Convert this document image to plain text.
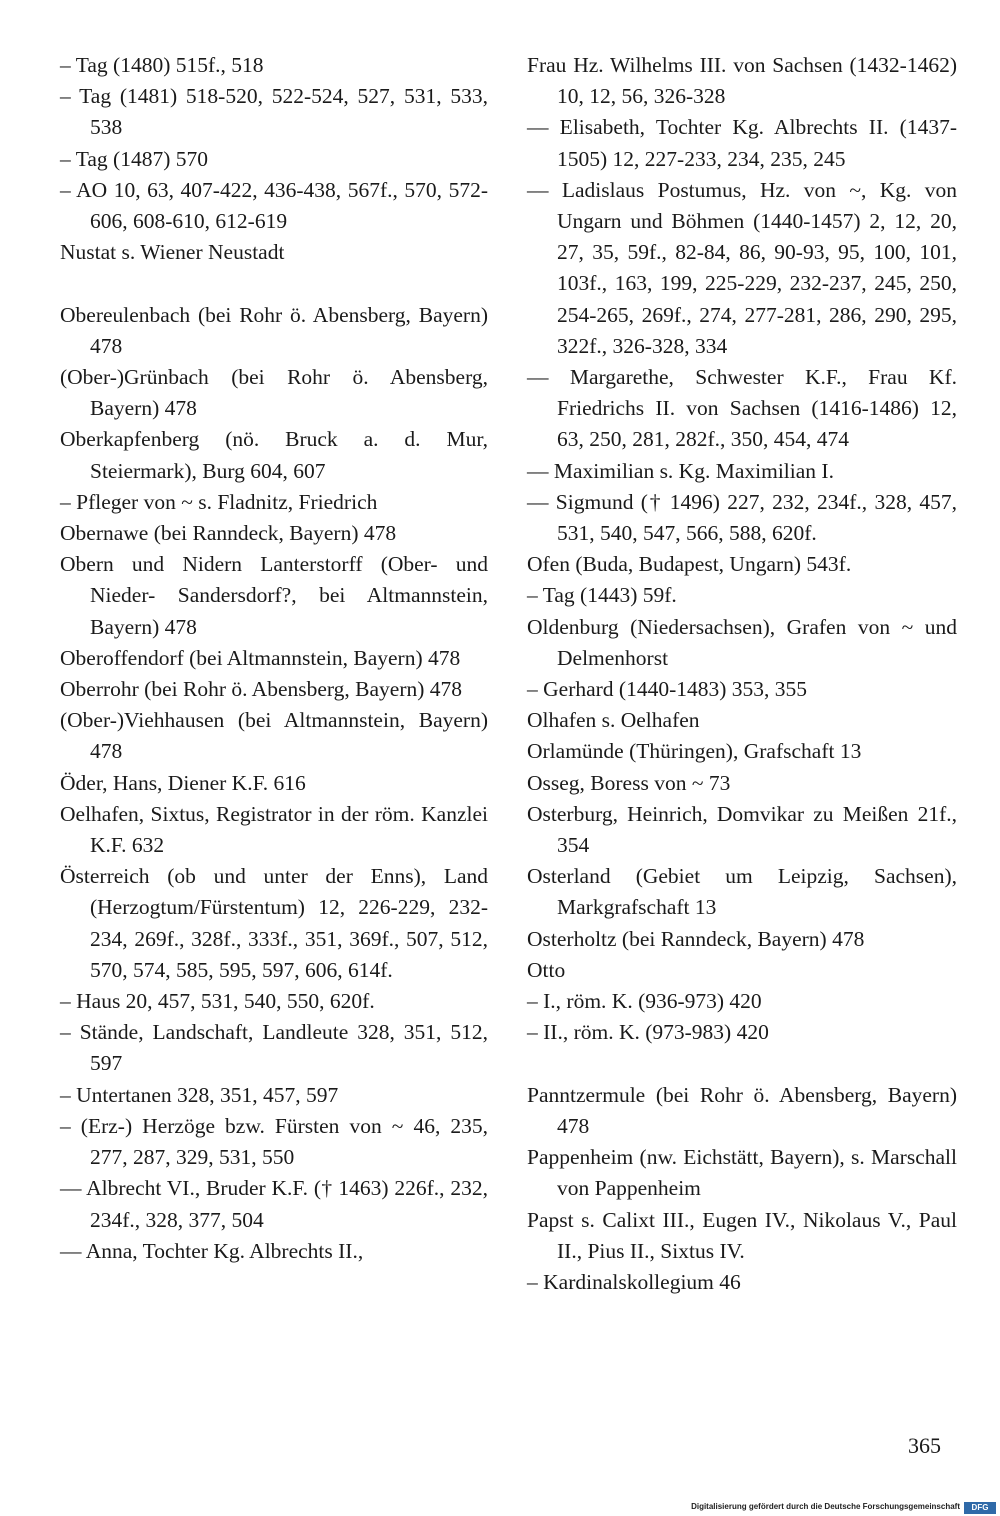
– Tag (1480) 515f., 518
– Tag (1481) 518-520, 522-524, 527, 531, 533, 538
– Tag (1487) 570
– AO 10, 63, 407-422, 436-438, 567f., 570, 572-606, 608-610, 612-619
Nustat s. Wiener Neustadt
Obereulenbach (bei Rohr ö. Abensberg, Bayern) 478
(Ober-)Grünbach (bei Rohr ö. Abensberg, Bayern) 478
Oberkapfenberg (nö. Bruck a. d. Mur, Steiermark), Burg 604, 607
– Pfleger von ~ s. Fladnitz, Friedrich
Obernawe (bei Ranndeck, Bayern) 478
Obern und Nidern Lanterstorff (Ober- und Nieder- Sandersdorf?, bei Altmannstein, Bayern) 478
Oberoffendorf (bei Altmannstein, Bayern) 478
Oberrohr (bei Rohr ö. Abensberg, Bayern) 478
(Ober-)Viehhausen (bei Altmannstein, Bayern) 478
Öder, Hans, Diener K.F. 616
Oelhafen, Sixtus, Registrator in der röm. Kanzlei K.F. 632
Österreich (ob und unter der Enns), Land (Herzogtum/Fürstentum) 12, 226-229, 232-234, 269f., 328f., 333f., 351, 369f., 507, 512, 570, 574, 585, 595, 597, 606, 614f.
– Haus 20, 457, 531, 540, 550, 620f.
– Stände, Landschaft, Landleute 328, 351, 512, 597
– Untertanen 328, 351, 457, 597
– (Erz-) Herzöge bzw. Fürsten von ~ 46, 235, 277, 287, 329, 531, 550
–– Albrecht VI., Bruder K.F. († 1463) 226f., 232, 234f., 328, 377, 504
–– Anna, Tochter Kg. Albrechts II.,
Frau Hz. Wilhelms III. von Sachsen (1432-1462) 10, 12, 56, 326-328
–– Elisabeth, Tochter Kg. Albrechts II. (1437-1505) 12, 227-233, 234, 235, 245
–– Ladislaus Postumus, Hz. von ~, Kg. von Ungarn und Böhmen (1440-1457) 2, 12, 20, 27, 35, 59f., 82-84, 86, 90-93, 95, 100, 101, 103f., 163, 199, 225-229, 232-237, 245, 250, 254-265, 269f., 274, 277-281, 286, 290, 295, 322f., 326-328, 334
–– Margarethe, Schwester K.F., Frau Kf. Friedrichs II. von Sachsen (1416-1486) 12, 63, 250, 281, 282f., 350, 454, 474
–– Maximilian s. Kg. Maximilian I.
–– Sigmund († 1496) 227, 232, 234f., 328, 457, 531, 540, 547, 566, 588, 620f.
Ofen (Buda, Budapest, Ungarn) 543f.
– Tag (1443) 59f.
Oldenburg (Niedersachsen), Grafen von ~ und Delmenhorst
– Gerhard (1440-1483) 353, 355
Olhafen s. Oelhafen
Orlamünde (Thüringen), Grafschaft 13
Osseg, Boress von ~ 73
Osterburg, Heinrich, Domvikar zu Meißen 21f., 354
Osterland (Gebiet um Leipzig, Sachsen), Markgrafschaft 13
Osterholtz (bei Ranndeck, Bayern) 478
Otto
– I., röm. K. (936-973) 420
– II., röm. K. (973-983) 420
Panntzermule (bei Rohr ö. Abensberg, Bayern) 478
Pappenheim (nw. Eichstätt, Bayern), s. Marschall von Pappenheim
Papst s. Calixt III., Eugen IV., Nikolaus V., Paul II., Pius II., Sixtus IV.
– Kardinalskollegium 46
365
Digitalisierung gefördert durch die Deutsche Forschungsgemeinschaft	DFG
